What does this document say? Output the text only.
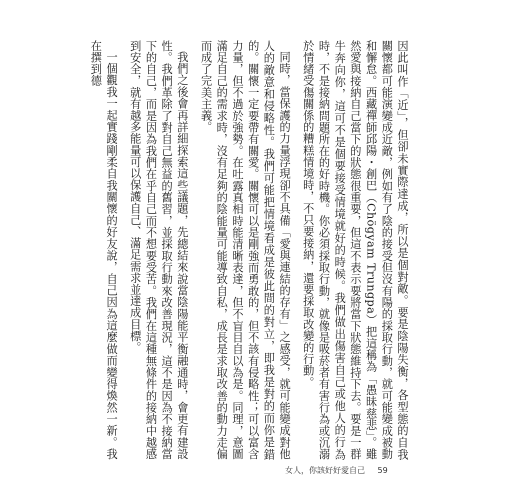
因此叫作「近」，但卻未實際達成，所以是個對敵。要是陰陽失衡，各型態的自我關懷都可能演變成近敵，例如有了陰的接受但沒有陽的採取行動，就可能變成被動和懈怠。西藏禪師邱陽・創巴（Chögyam Trungpa）把這稱為「愚昧慈悲」。雖然愛與接納自己當下的狀態很重要，但這不表示要將當下狀態維持下去。要是一群牛奔向你，這可不是個要接受情境就好的時候。我們做出傷害自己或他人的行為時，不是接納問題所在的好時機。你必須採取行動，就像是吸菸者有害行為或沉溺於情緒受傷關係的糟糕情境時，不只要接納，還要採取改變的行動。

同時，當保護的力量浮現卻不具備「愛與連結的存有」之感受，就可能變成對他人的敵意和侵略性。我們可能把情境看成是彼此間的對立，即我是對的而你是錯的。關懷一定要帶有關愛。關懷可以是剛強而勇敢的，但不該有侵略性；可以富含力量，但不過於強勢。在吐露真相時能清晰表達，但不盲目自以為是。同理，意圖滿足自己的需求時，沒有足夠的陰能量可能導致自私，成長是求取改善的動力走偏而成了完美主義。

我們之後會再詳細探索這些議題，先總結來說當陰陽能平衡融通時，會更有建設性。我們革除了對自己無益的舊習，並採取行動來改善現況，這不是因為不接納當下的自己，而是因為我們在乎自己而不想要受苦。我們在這種無條件的接納中越感到安全，就有越多能量可以保護自己、滿足需求並達成目標。

一個觀我一起實踐剛柔自我關懷的好友說，自己因為這麼做而變得煥然一新。我在撰到德

女人，你該好好愛自己 59
